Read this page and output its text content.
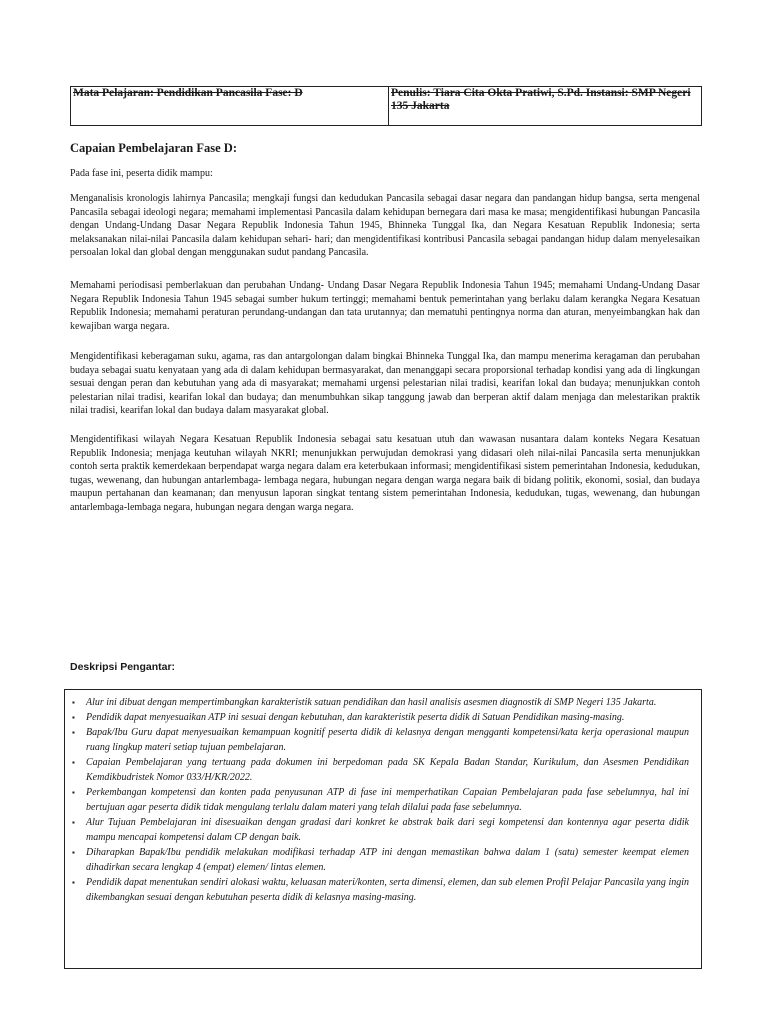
Mata Pelajaran: Pendidikan Pancasila Fase: D	Penulis: Tiara Cita Okta Pratiwi, S.Pd. Instansi: SMP Negeri 135 Jakarta
Capaian Pembelajaran Fase D:
Pada fase ini, peserta didik mampu:

Menganalisis kronologis lahirnya Pancasila; mengkaji fungsi dan kedudukan Pancasila sebagai dasar negara dan pandangan hidup bangsa, serta mengenal Pancasila sebagai ideologi negara; memahami implementasi Pancasila dalam kehidupan bernegara dari masa ke masa; mengidentifikasi hubungan Pancasila dengan Undang-Undang Dasar Negara Republik Indonesia Tahun 1945, Bhinneka Tunggal Ika, dan Negara Kesatuan Republik Indonesia; serta melaksanakan nilai-nilai Pancasila dalam kehidupan sehari- hari; dan mengidentifikasi kontribusi Pancasila sebagai pandangan hidup dalam menyelesaikan persoalan lokal dan global dengan menggunakan sudut pandang Pancasila.

Memahami periodisasi pemberlakuan dan perubahan Undang- Undang Dasar Negara Republik Indonesia Tahun 1945; memahami Undang-Undang Dasar Negara Republik Indonesia Tahun 1945 sebagai sumber hukum tertinggi; memahami bentuk pemerintahan yang berlaku dalam kerangka Negara Kesatuan Republik Indonesia; memahami peraturan perundang-undangan dan tata urutannya; dan mematuhi pentingnya norma dan aturan, menyeimbangkan hak dan kewajiban warga negara.

Mengidentifikasi keberagaman suku, agama, ras dan antargolongan dalam bingkai Bhinneka Tunggal Ika, dan mampu menerima keragaman dan perubahan budaya sebagai suatu kenyataan yang ada di dalam kehidupan bermasyarakat, dan menanggapi secara proporsional terhadap kondisi yang ada di lingkungan sesuai dengan peran dan kebutuhan yang ada di masyarakat; memahami urgensi pelestarian nilai tradisi, kearifan lokal dan budaya; menunjukkan contoh pelestarian nilai tradisi, kearifan lokal dan budaya; dan menumbuhkan sikap tanggung jawab dan berperan aktif dalam menjaga dan melestarikan praktik nilai tradisi, kearifan lokal dan budaya dalam masyarakat global.

Mengidentifikasi wilayah Negara Kesatuan Republik Indonesia sebagai satu kesatuan utuh dan wawasan nusantara dalam konteks Negara Kesatuan Republik Indonesia; menjaga keutuhan wilayah NKRI; menunjukkan perwujudan demokrasi yang didasari oleh nilai-nilai Pancasila serta menunjukkan contoh serta praktik kemerdekaan berpendapat warga negara dalam era keterbukaan informasi; mengidentifikasi sistem pemerintahan Indonesia, kedudukan, tugas, wewenang, dan hubungan antarlembaga- lembaga negara, hubungan negara dengan warga negara baik di bidang politik, ekonomi, sosial, dan budaya maupun pertahanan dan keamanan; dan menyusun laporan singkat tentang sistem pemerintahan Indonesia, kedudukan, tugas, wewenang, dan hubungan antarlembaga-lembaga negara, hubungan negara dengan warga negara.

Deskripsi Pengantar:
▪ Alur ini dibuat dengan mempertimbangkan karakteristik satuan pendidikan dan hasil analisis asesmen diagnostik di SMP Negeri 135 Jakarta.
▪ Pendidik dapat menyesuaikan ATP ini sesuai dengan kebutuhan, dan karakteristik peserta didik di Satuan Pendidikan masing-masing.
▪ Bapak/Ibu Guru dapat menyesuaikan kemampuan kognitif peserta didik di kelasnya dengan mengganti kompetensi/kata kerja operasional maupun ruang lingkup materi setiap tujuan pembelajaran.
▪ Capaian Pembelajaran yang tertuang pada dokumen ini berpedoman pada SK Kepala Badan Standar, Kurikulum, dan Asesmen Pendidikan Kemdikbudristek Nomor 033/H/KR/2022.
▪ Perkembangan kompetensi dan konten pada penyusunan ATP di fase ini memperhatikan Capaian Pembelajaran pada fase sebelumnya, hal ini bertujuan agar peserta didik tidak mengulang terlalu dalam materi yang telah dilalui pada fase sebelumnya.
▪ Alur Tujuan Pembelajaran ini disesuaikan dengan gradasi dari konkret ke abstrak baik dari segi kompetensi dan kontennya agar peserta didik mampu mencapai kompetensi dalam CP dengan baik.
▪ Diharapkan Bapak/Ibu pendidik melakukan modifikasi terhadap ATP ini dengan memastikan bahwa dalam 1 (satu) semester keempat elemen dihadirkan secara lengkap 4 (empat) elemen/ lintas elemen.
▪ Pendidik dapat menentukan sendiri alokasi waktu, keluasan materi/konten, serta dimensi, elemen, dan sub elemen Profil Pelajar Pancasila yang ingin dikembangkan sesuai dengan kebutuhan peserta didik di kelasnya masing-masing.
